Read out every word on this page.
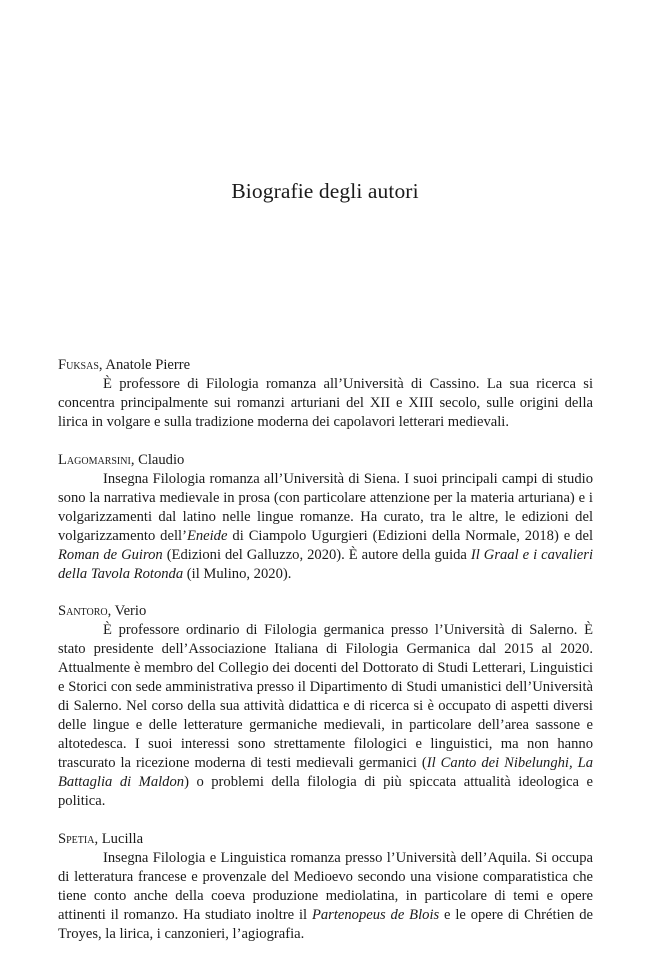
Biografie degli autori

Fuksas, Anatole Pierre

È professore di Filologia romanza all’Università di Cassino. La sua ricerca si concentra principalmente sui romanzi arturiani del XII e XIII secolo, sulle origini della lirica in volgare e sulla tradizione moderna dei capolavori letterari medievali.

Lagomarsini, Claudio

Insegna Filologia romanza all’Università di Siena. I suoi principali campi di studio sono la narrativa medievale in prosa (con particolare attenzione per la materia arturiana) e i volgarizzamenti dal latino nelle lingue romanze. Ha curato, tra le altre, le edizioni del volgarizzamento dell’Eneide di Ciampolo Ugurgieri (Edizioni della Normale, 2018) e del Roman de Guiron (Edizioni del Galluzzo, 2020). È autore della guida Il Graal e i cavalieri della Tavola Rotonda (il Mulino, 2020).

Santoro, Verio

È professore ordinario di Filologia germanica presso l’Università di Salerno. È stato presidente dell’Associazione Italiana di Filologia Germanica dal 2015 al 2020. Attualmente è membro del Collegio dei docenti del Dottorato di Studi Letterari, Linguistici e Storici con sede amministrativa presso il Dipartimento di Studi umanistici dell’Università di Salerno. Nel corso della sua attività didattica e di ricerca si è occupato di aspetti diversi delle lingue e delle letterature germaniche medievali, in particolare dell’area sassone e altotedesca. I suoi interessi sono strettamente filologici e linguistici, ma non hanno trascurato la ricezione moderna di testi medievali germanici (Il Canto dei Nibelunghi, La Battaglia di Maldon) o problemi della filologia di più spiccata attualità ideologica e politica.

Spetia, Lucilla

Insegna Filologia e Linguistica romanza presso l’Università dell’Aquila. Si occupa di letteratura francese e provenzale del Medioevo secondo una visione comparatistica che tiene conto anche della coeva produzione mediolatina, in particolare di temi e opere attinenti il romanzo. Ha studiato inoltre il Partenopeus de Blois e le opere di Chrétien de Troyes, la lirica, i canzonieri, l’agiografia.
